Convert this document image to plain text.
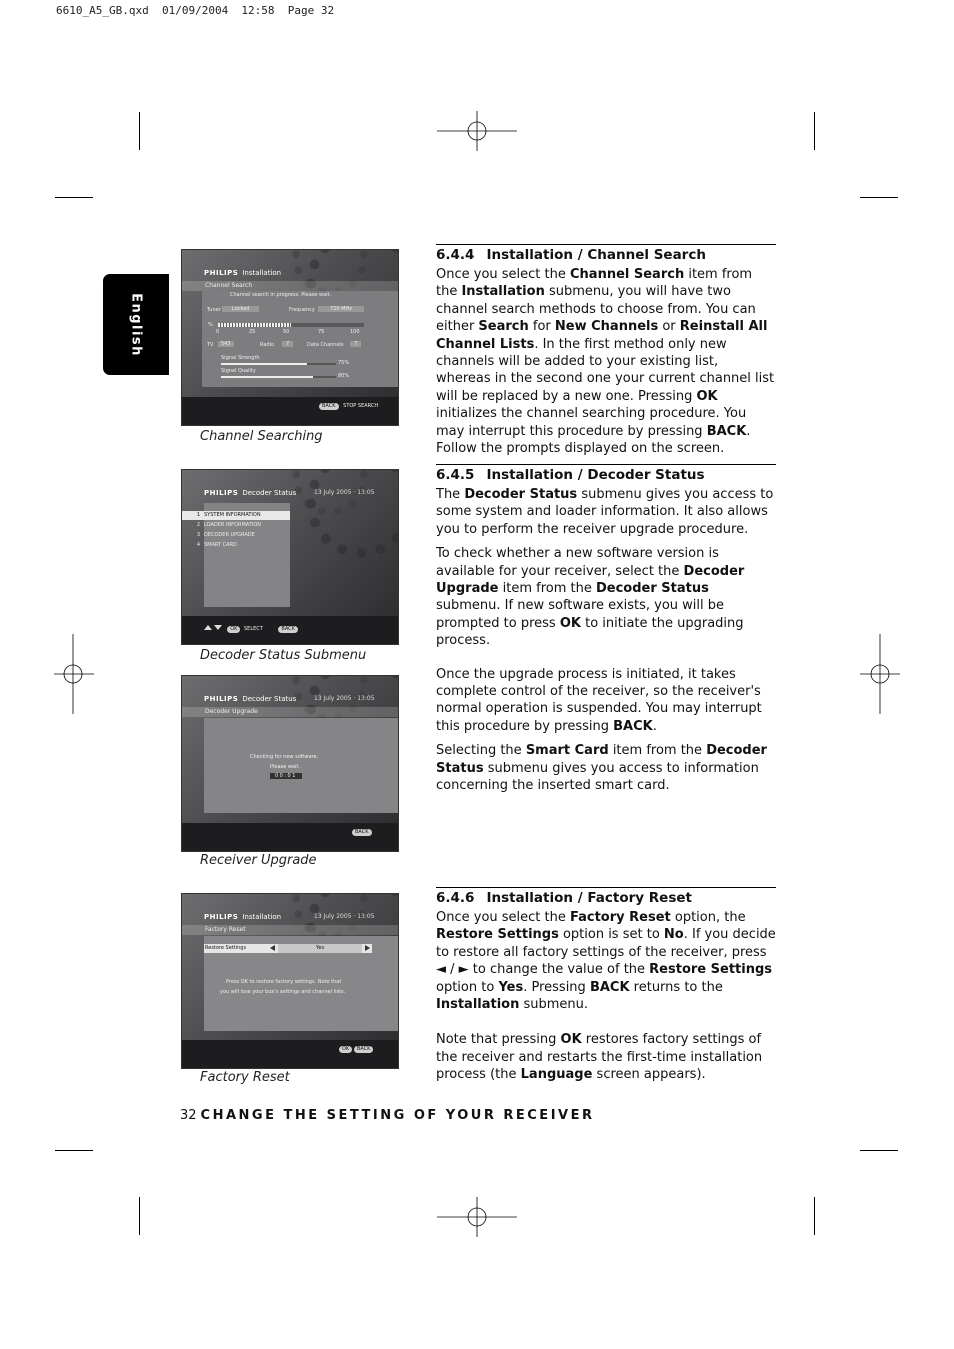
6610_A5_GB.qxd  01/09/2004  12:58  Page 32
English
PHILIPS Installation
Channel Search
Channel search in progress. Please wait.
Tuner	Locked	Frequency	720 MHz
%
0	25	50	75	100
TV	543	Radio	7	Data Channels	7
Signal Strength
75%
Signal Quality
80%
BACK STOP SEARCH
Channel Searching
PHILIPS Decoder Status	13 July 2005 · 13:05
1 SYSTEM INFORMATION
2 LOADER INFORMATION
3 DECODER UPGRADE
4 SMART CARD
OK SELECT	BACK
Decoder Status Submenu
PHILIPS Decoder Status	13 July 2005 · 13:05
Decoder Upgrade
Checking for new software.
Please wait.
00:01
BACK
Receiver Upgrade
PHILIPS Installation	13 July 2005 · 13:05
Factory Reset
Restore Settings	Yes
Press OK to restore factory settings. Note that
you will lose your box's settings and channel lists.
OK BACK
Factory Reset
6.4.4 Installation / Channel Search

Once you select the Channel Search item from the Installation submenu, you will have two channel search methods to choose from. You can either Search for New Channels or Reinstall All Channel Lists. In the first method only new channels will be added to your existing list, whereas in the second one your current channel list will be replaced by a new one. Pressing OK initializes the channel searching procedure. You may interrupt this procedure by pressing BACK. Follow the prompts displayed on the screen.

6.4.5 Installation / Decoder Status

The Decoder Status submenu gives you access to some system and loader information. It also allows you to perform the receiver upgrade procedure.

To check whether a new software version is available for your receiver, select the Decoder Upgrade item from the Decoder Status submenu. If new software exists, you will be prompted to press OK to initiate the upgrading process.

Once the upgrade process is initiated, it takes complete control of the receiver, so the receiver's normal operation is suspended. You may interrupt this procedure by pressing BACK.

Selecting the Smart Card item from the Decoder Status submenu gives you access to information concerning the inserted smart card.

6.4.6 Installation / Factory Reset

Once you select the Factory Reset option, the Restore Settings option is set to No. If you decide to restore all factory settings of the receiver, press ◄ / ► to change the value of the Restore Settings option to Yes. Pressing BACK returns to the Installation submenu.

Note that pressing OK restores factory settings of the receiver and restarts the first-time installation process (the Language screen appears).

32 CHANGE THE SETTING OF YOUR RECEIVER
